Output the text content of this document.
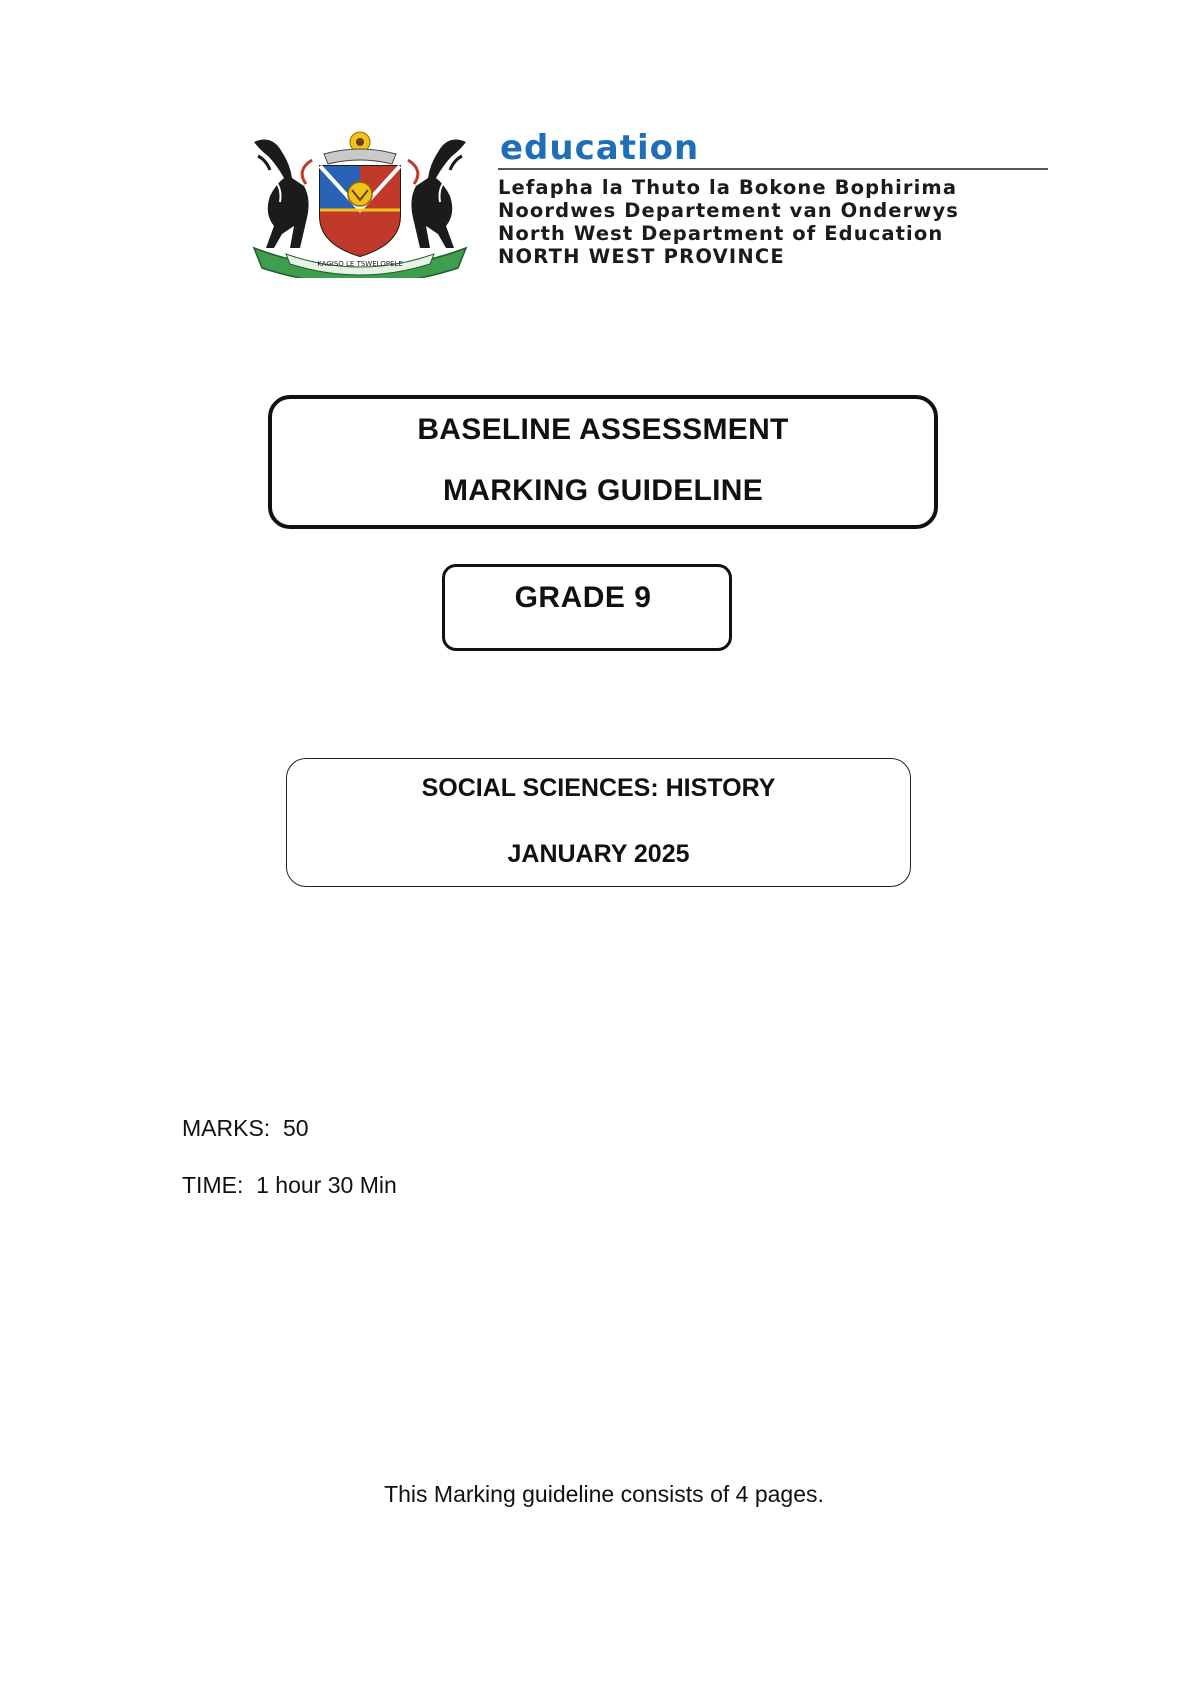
KAGISO LE TSWELOPELE
education
Lefapha la Thuto la Bokone Bophirima
Noordwes Departement van Onderwys
North West Department of Education
NORTH WEST PROVINCE
BASELINE ASSESSMENT
MARKING GUIDELINE
GRADE 9
SOCIAL SCIENCES: HISTORY
JANUARY 2025
MARKS:  50
TIME:  1 hour 30 Min
This Marking guideline consists of 4 pages.
